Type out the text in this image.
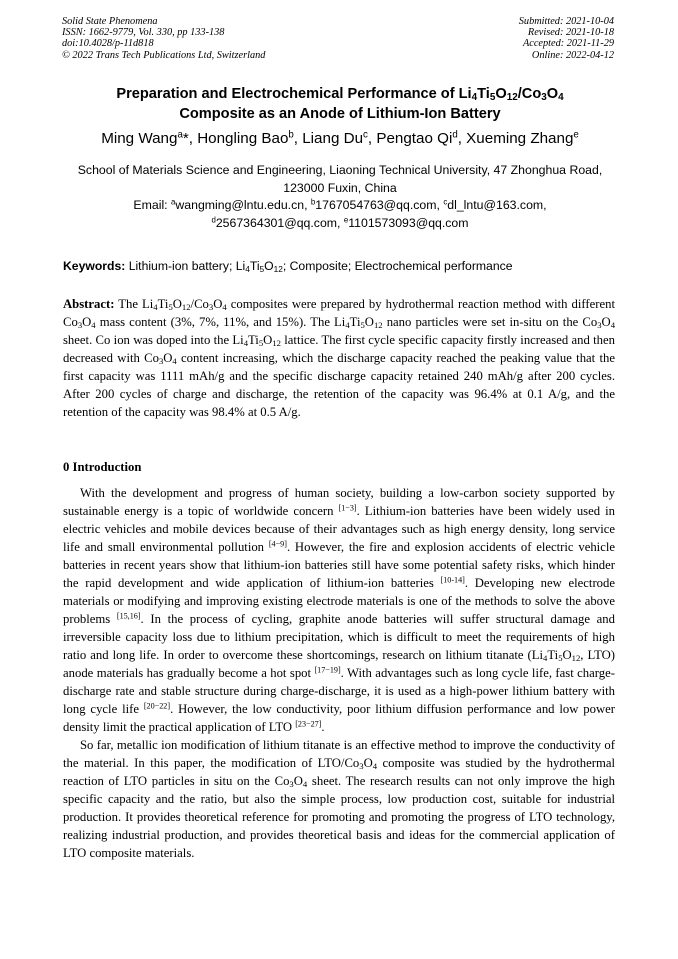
Solid State Phenomena
ISSN: 1662-9779, Vol. 330, pp 133-138
doi:10.4028/p-11d818
© 2022 Trans Tech Publications Ltd, Switzerland
Submitted: 2021-10-04
Revised: 2021-10-18
Accepted: 2021-11-29
Online: 2022-04-12
Preparation and Electrochemical Performance of $Li_4Ti_5O_{12}/Co_3O_4$
Composite as an Anode of Lithium-Ion Battery
Ming Wang$^a$*, Hongling Bao$^b$, Liang Du$^c$, Pengtao Qi$^d$, Xueming Zhang$^e$
School of Materials Science and Engineering, Liaoning Technical University, 47 Zhonghua Road,
123000 Fuxin, China
Email: $^a$wangming@lntu.edu.cn, $^b$1767054763@qq.com, $^c$dl_lntu@163.com,
$^d$2567364301@qq.com, $^e$1101573093@qq.com
Keywords: Lithium-ion battery; $Li_4Ti_5O_{12}$; Composite; Electrochemical performance
Abstract: The $Li_4Ti_5O_{12}/Co_3O_4$ composites were prepared by hydrothermal reaction method with different $Co_3O_4$ mass content (3%, 7%, 11%, and 15%). The $Li_4Ti_5O_{12}$ nano particles were set in-situ on the $Co_3O_4$ sheet. Co ion was doped into the $Li_4Ti_5O_{12}$ lattice. The first cycle specific capacity firstly increased and then decreased with $Co_3O_4$ content increasing, which the discharge capacity reached the peaking value that the first capacity was 1111 mAh/g and the specific discharge capacity retained 240 mAh/g after 200 cycles. After 200 cycles of charge and discharge, the retention of the capacity was 96.4% at 0.1 A/g, and the retention of the capacity was 98.4% at 0.5 A/g.
0 Introduction

With the development and progress of human society, building a low-carbon society supported by sustainable energy is a topic of worldwide concern [1−3]. Lithium-ion batteries have been widely used in electric vehicles and mobile devices because of their advantages such as high energy density, long service life and small environmental pollution [4−9]. However, the fire and explosion accidents of electric vehicle batteries in recent years show that lithium-ion batteries still have some potential safety risks, which hinder the rapid development and wide application of lithium-ion batteries [10-14]. Developing new electrode materials or modifying and improving existing electrode materials is one of the methods to solve the above problems [15,16]. In the process of cycling, graphite anode batteries will suffer structural damage and irreversible capacity loss due to lithium precipitation, which is difficult to meet the requirements of high ratio and long life. In order to overcome these shortcomings, research on lithium titanate ($Li_4Ti_5O_{12}$, LTO) anode materials has gradually become a hot spot [17−19]. With advantages such as long cycle life, fast charge-discharge rate and stable structure during charge-discharge, it is used as a high-power lithium battery with long cycle life [20−22]. However, the low conductivity, poor lithium diffusion performance and low power density limit the practical application of LTO [23−27].

So far, metallic ion modification of lithium titanate is an effective method to improve the conductivity of the material. In this paper, the modification of LTO/$Co_3O_4$ composite was studied by the hydrothermal reaction of LTO particles in situ on the $Co_3O_4$ sheet. The research results can not only improve the high specific capacity and the ratio, but also the simple process, low production cost, suitable for industrial production. It provides theoretical reference for promoting and promoting the progress of LTO technology, realizing industrial production, and provides theoretical basis and ideas for the commercial application of LTO composite materials.
